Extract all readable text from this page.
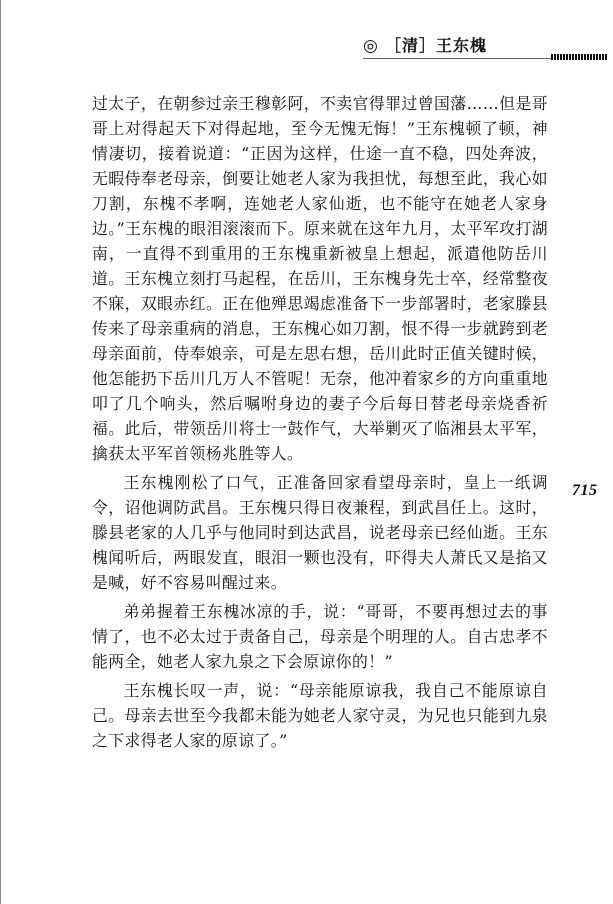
◎ ［清］王东槐

过太子，在朝参过亲王穆彰阿，不卖官得罪过曾国藩……但是哥哥上对得起天下对得起地，至今无愧无悔！”王东槐顿了顿，神情凄切，接着说道：“正因为这样，仕途一直不稳，四处奔波，无暇侍奉老母亲，倒要让她老人家为我担忧，每想至此，我心如刀割，东槐不孝啊，连她老人家仙逝，也不能守在她老人家身边。”王东槐的眼泪滚滚而下。原来就在这年九月，太平军攻打湖南，一直得不到重用的王东槐重新被皇上想起，派遣他防岳川道。王东槐立刻打马起程，在岳川，王东槐身先士卒，经常整夜不寐，双眼赤红。正在他殚思竭虑准备下一步部署时，老家滕县传来了母亲重病的消息，王东槐心如刀割，恨不得一步就跨到老母亲面前，侍奉娘亲，可是左思右想，岳川此时正值关键时候，他怎能扔下岳川几万人不管呢！无奈，他冲着家乡的方向重重地叩了几个响头，然后嘱咐身边的妻子今后每日替老母亲烧香祈福。此后，带领岳川将士一鼓作气，大举剿灭了临湘县太平军，擒获太平军首领杨兆胜等人。

王东槐刚松了口气，正准备回家看望母亲时，皇上一纸调令，诏他调防武昌。王东槐只得日夜兼程，到武昌任上。这时，滕县老家的人几乎与他同时到达武昌，说老母亲已经仙逝。王东槐闻听后，两眼发直，眼泪一颗也没有，吓得夫人萧氏又是掐又是喊，好不容易叫醒过来。

弟弟握着王东槐冰凉的手，说：“哥哥，不要再想过去的事情了，也不必太过于责备自己，母亲是个明理的人。自古忠孝不能两全，她老人家九泉之下会原谅你的！”

王东槐长叹一声，说：“母亲能原谅我，我自己不能原谅自己。母亲去世至今我都未能为她老人家守灵，为兄也只能到九泉之下求得老人家的原谅了。”

715
